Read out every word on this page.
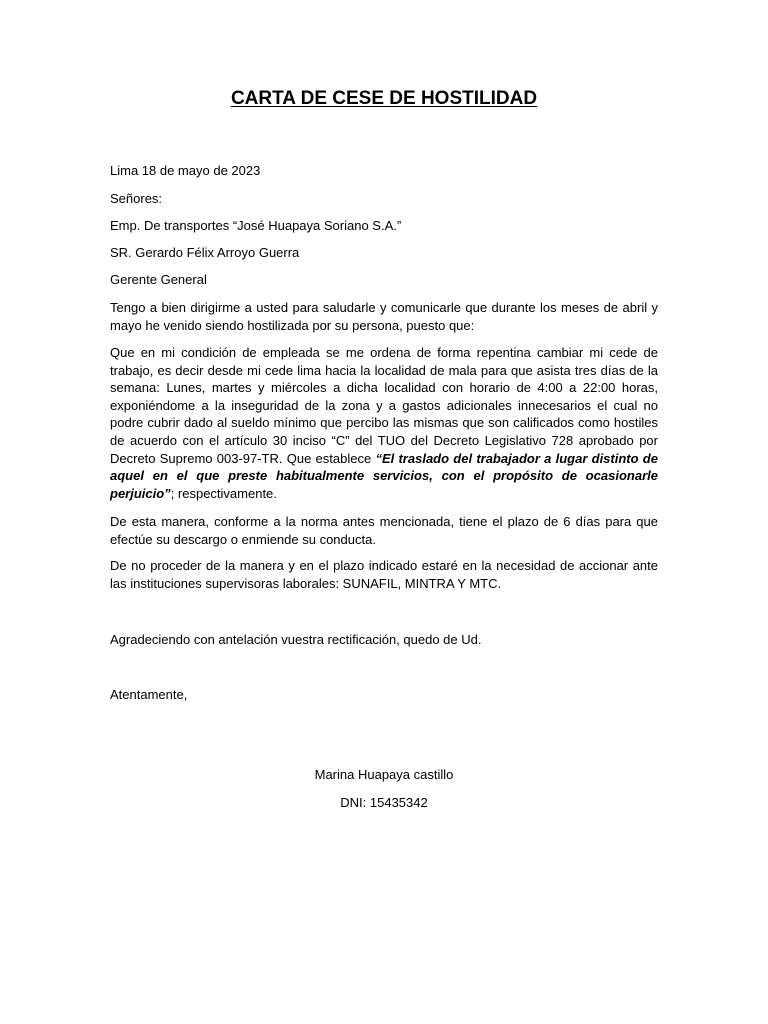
CARTA DE CESE DE HOSTILIDAD
Lima 18 de mayo de 2023
Señores:
Emp. De transportes “José Huapaya Soriano S.A.”
SR. Gerardo Félix Arroyo Guerra
Gerente General
Tengo a bien dirigirme a usted para saludarle y comunicarle que durante los meses de abril y mayo he venido siendo hostilizada por su persona, puesto que:
Que en mi condición de empleada se me ordena de forma repentina cambiar mi cede de trabajo, es decir desde mi cede lima hacia la localidad de mala para que asista tres días de la semana: Lunes, martes y miércoles a dicha localidad con horario de 4:00 a 22:00 horas, exponiéndome a la inseguridad de la zona y a gastos adicionales innecesarios el cual no podre cubrir dado al sueldo mínimo que percibo las mismas que son calificados como hostiles de acuerdo con el artículo 30 inciso “C” del TUO del Decreto Legislativo 728 aprobado por Decreto Supremo 003-97-TR. Que establece “El traslado del trabajador a lugar distinto de aquel en el que preste habitualmente servicios, con el propósito de ocasionarle perjuicio”; respectivamente.
De esta manera, conforme a la norma antes mencionada, tiene el plazo de 6 días para que efectúe su descargo o enmiende su conducta.
De no proceder de la manera y en el plazo indicado estaré en la necesidad de accionar ante las instituciones supervisoras laborales: SUNAFIL, MINTRA Y MTC.
Agradeciendo con antelación vuestra rectificación, quedo de Ud.
Atentamente,
Marina Huapaya castillo
DNI: 15435342
